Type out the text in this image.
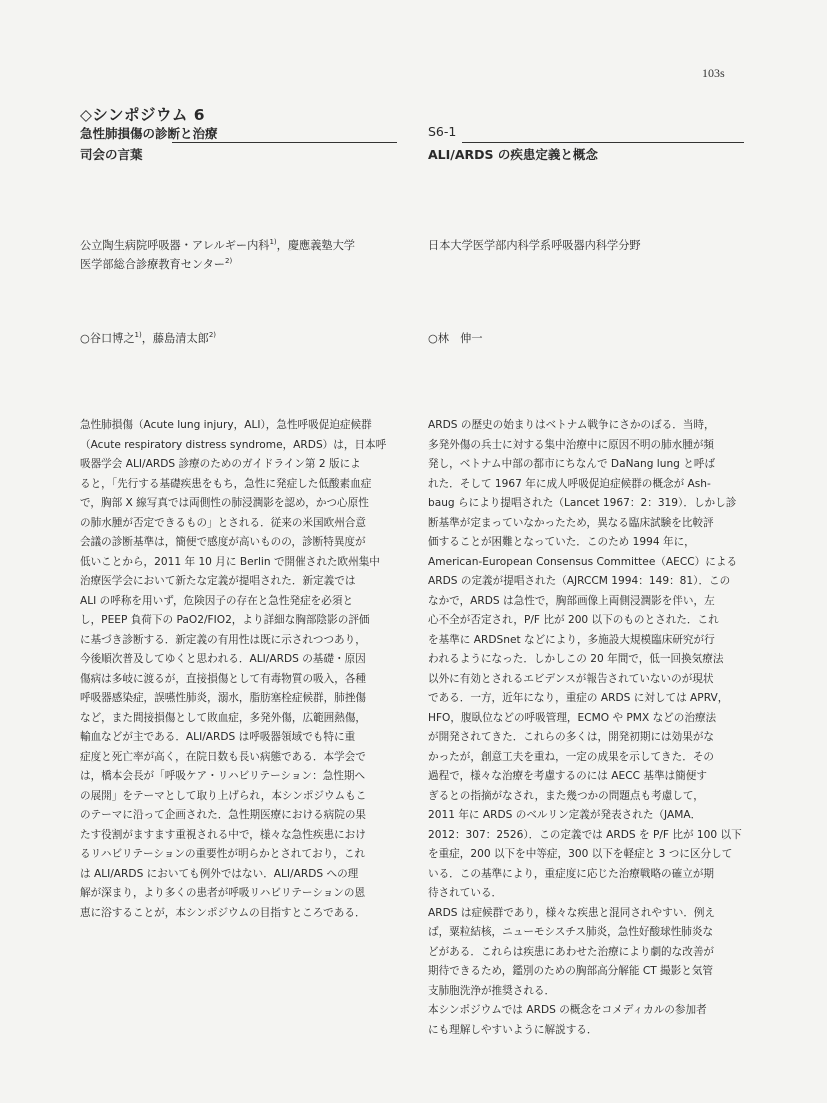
103s
◇シンポジウム 6
急性肺損傷の診断と治療
司会の言葉
S6-1
ALI/ARDS の疾患定義と概念
公立陶生病院呼吸器・アレルギー内科$^{1)}$，慶應義塾大学
医学部総合診療教育センター$^{2)}$
日本大学医学部内科学系呼吸器内科学分野
○谷口博之$^{1)}$，藤島清太郎$^{2)}$	○林　伸一
急性肺損傷（Acute lung injury，ALI），急性呼吸促迫症候群
（Acute respiratory distress syndrome，ARDS）は，日本呼
吸器学会 ALI/ARDS 診療のためのガイドライン第 2 版によ
ると，「先行する基礎疾患をもち，急性に発症した低酸素血症
で，胸部 X 線写真では両側性の肺浸潤影を認め，かつ心原性
の肺水腫が否定できるもの」とされる．従来の米国欧州合意
会議の診断基準は，簡便で感度が高いものの，診断特異度が
低いことから，2011 年 10 月に Berlin で開催された欧州集中
治療医学会において新たな定義が提唱された．新定義では
ALI の呼称を用いず，危険因子の存在と急性発症を必須と
し，PEEP 負荷下の PaO2/FIO2，より詳細な胸部陰影の評価
に基づき診断する．新定義の有用性は既に示されつつあり，
今後順次普及してゆくと思われる．ALI/ARDS の基礎・原因
傷病は多岐に渡るが，直接損傷として有毒物質の吸入，各種
呼吸器感染症，誤嚥性肺炎，溺水，脂肪塞栓症候群，肺挫傷
など，また間接損傷として敗血症，多発外傷，広範囲熱傷，
輸血などが主である．ALI/ARDS は呼吸器領域でも特に重
症度と死亡率が高く，在院日数も長い病態である．本学会で
は，橋本会長が「呼吸ケア・リハビリテーション：急性期へ
の展開」をテーマとして取り上げられ，本シンポジウムもこ
のテーマに沿って企画された．急性期医療における病院の果
たす役割がますます重視される中で，様々な急性疾患におけ
るリハビリテーションの重要性が明らかとされており，これ
は ALI/ARDS においても例外ではない．ALI/ARDS への理
解が深まり，より多くの患者が呼吸リハビリテーションの恩
恵に浴することが，本シンポジウムの目指すところである．
ARDS の歴史の始まりはベトナム戦争にさかのぼる．当時，
多発外傷の兵士に対する集中治療中に原因不明の肺水腫が頻
発し，ベトナム中部の都市にちなんで DaNang lung と呼ば
れた．そして 1967 年に成人呼吸促迫症候群の概念が Ash-
baug らにより提唱された（Lancet 1967：2：319）．しかし診
断基準が定まっていなかったため，異なる臨床試験を比較評
価することが困難となっていた．このため 1994 年に，
American-European Consensus Committee（AECC）による
ARDS の定義が提唱された（AJRCCM 1994：149：81）．この
なかで，ARDS は急性で，胸部画像上両側浸潤影を伴い，左
心不全が否定され，P/F 比が 200 以下のものとされた．これ
を基準に ARDSnet などにより，多施設大規模臨床研究が行
われるようになった．しかしこの 20 年間で，低一回換気療法
以外に有効とされるエビデンスが報告されていないのが現状
である．一方，近年になり，重症の ARDS に対しては APRV，
HFO，腹臥位などの呼吸管理，ECMO や PMX などの治療法
が開発されてきた．これらの多くは，開発初期には効果がな
かったが，創意工夫を重ね，一定の成果を示してきた．その
過程で，様々な治療を考慮するのには AECC 基準は簡便す
ぎるとの指摘がなされ，また幾つかの問題点も考慮して，
2011 年に ARDS のベルリン定義が発表された（JAMA．
2012：307：2526）．この定義では ARDS を P/F 比が 100 以下
を重症，200 以下を中等症，300 以下を軽症と 3 つに区分して
いる．この基準により，重症度に応じた治療戦略の確立が期
待されている．
ARDS は症候群であり，様々な疾患と混同されやすい．例え
ば，粟粒結核，ニューモシスチス肺炎，急性好酸球性肺炎な
どがある．これらは疾患にあわせた治療により劇的な改善が
期待できるため，鑑別のための胸部高分解能 CT 撮影と気管
支肺胞洗浄が推奨される．
本シンポジウムでは ARDS の概念をコメディカルの参加者
にも理解しやすいように解説する．
